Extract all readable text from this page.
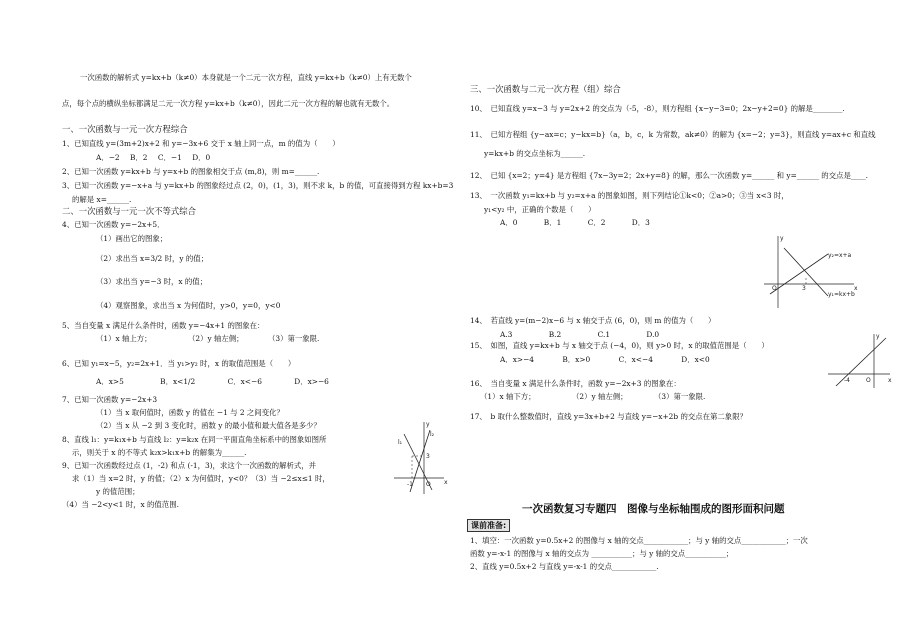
一次函数的解析式 y=kx+b（k≠0）本身就是一个二元一次方程，直线 y=kx+b（k≠0）上有无数个
点，每个点的横纵坐标都满足二元一次方程 y=kx+b（k≠0），因此二元一次方程的解也就有无数个。
一、一次函数与一元一次方程综合
1、已知直线 y=(3m+2)x+2 和 y=−3x+6 交于 x 轴上同一点，m 的值为（　　）
A．−2 B．2 C．−1 D．0
2、已知一次函数 y=kx+b 与 y=x+b 的图象相交于点 (m,8)，则 m=______.
3、已知一次函数 y=−x+a 与 y=kx+b 的图象经过点 (2，0)，(1，3)，则不求 k，b 的值，可直接得到方程 kx+b=3
的解是 x=______.
二、一次函数与一元一次不等式综合
4、已知一次函数 y=−2x+5．
（1）画出它的图象；
（2）求出当 x=3/2 时，y 的值；
（3）求出当 y=−3 时，x 的值；
（4）观察图象，求出当 x 为何值时，y>0，y=0，y<0
5、当自变量 x 满足什么条件时，函数 y=−4x+1 的图象在：
（1）x 轴上方；	（2）y 轴左侧；	（3）第一象限.
6、已知 y₁=x−5，y₂=2x+1．当 y₁>y₂ 时，x 的取值范围是（　　）
A．x>5	B．x<1/2	C．x<−6	D．x>−6
7、已知一次函数 y=−2x+3
（1）当 x 取何值时，函数 y 的值在 −1 与 2 之间变化？
（2）当 x 从 −2 到 3 变化时，函数 y 的最小值和最大值各是多少？
8、直线 l₁：y=k₁x+b 与直线 l₂：y=k₂x 在同一平面直角坐标系中的图象如图所
示，则关于 x 的不等式 k₂x>k₁x+b 的解集为______.
9、已知一次函数经过点 (1，-2) 和点 (-1，3)，求这个一次函数的解析式，并
求（1）当 x=2 时，y 的值；（2）x 为何值时，y<0？（3）当 −2≤x≤1 时，
y 的值范围；
（4）当 −2<y<1 时，x 的值范围.
l₁
l₂
y
x
O
3
-1
三、一次函数与二元一次方程（组）综合
10、　已知直线 y=x−3 与 y=2x+2 的交点为（-5，-8），则方程组 {x−y−3=0；2x−y+2=0} 的解是________.
11、　已知方程组 {y−ax=c；y−kx=b}（a，b，c，k 为常数，ak≠0）的解为 {x=−2；y=3}，则直线 y=ax+c 和直线
y=kx+b 的交点坐标为______.
12、　已知 {x=2；y=4} 是方程组 {7x−3y=2；2x+y=8} 的解，那么一次函数 y=______ 和 y=______ 的交点是____.
13、　一次函数 y₁=kx+b 与 y₂=x+a 的图象如图，则下列结论①k<0；②a>0；③当 x<3 时，
y₁<y₂ 中，正确的个数是（　　）
A．0	B．1	C．2	D．3
y
x
O	3
y₂=x+a
y₁=kx+b
14、　若直线 y=(m−2)x−6 与 x 轴交于点 (6，0)，则 m 的值为（　　）
A.3	B.2	C.1	D.0
15、　如图，直线 y=kx+b 与 x 轴交于点 (−4，0)，则 y>0 时，x 的取值范围是（　　）
A．x>−4	B．x>0	C．x<−4	D．x<0
y
x
O
-4
16、　当自变量 x 满足什么条件时，函数 y=−2x+3 的图象在：
（1）x 轴下方；	（2）y 轴左侧；	（3）第一象限.
17、　b 取什么整数值时，直线 y=3x+b+2 与直线 y=−x+2b 的交点在第二象限？
一次函数复习专题四　图像与坐标轴围成的图形面积问题
课前准备:
1、填空：一次函数 y=0.5x+2 的图像与 x 轴的交点____________；与 y 轴的交点____________；一次
函数 y=-x-1 的图像与 x 轴的交点为 ___________；与 y 轴的交点___________；
2、直线 y=0.5x+2 与直线 y=-x-1 的交点____________.
